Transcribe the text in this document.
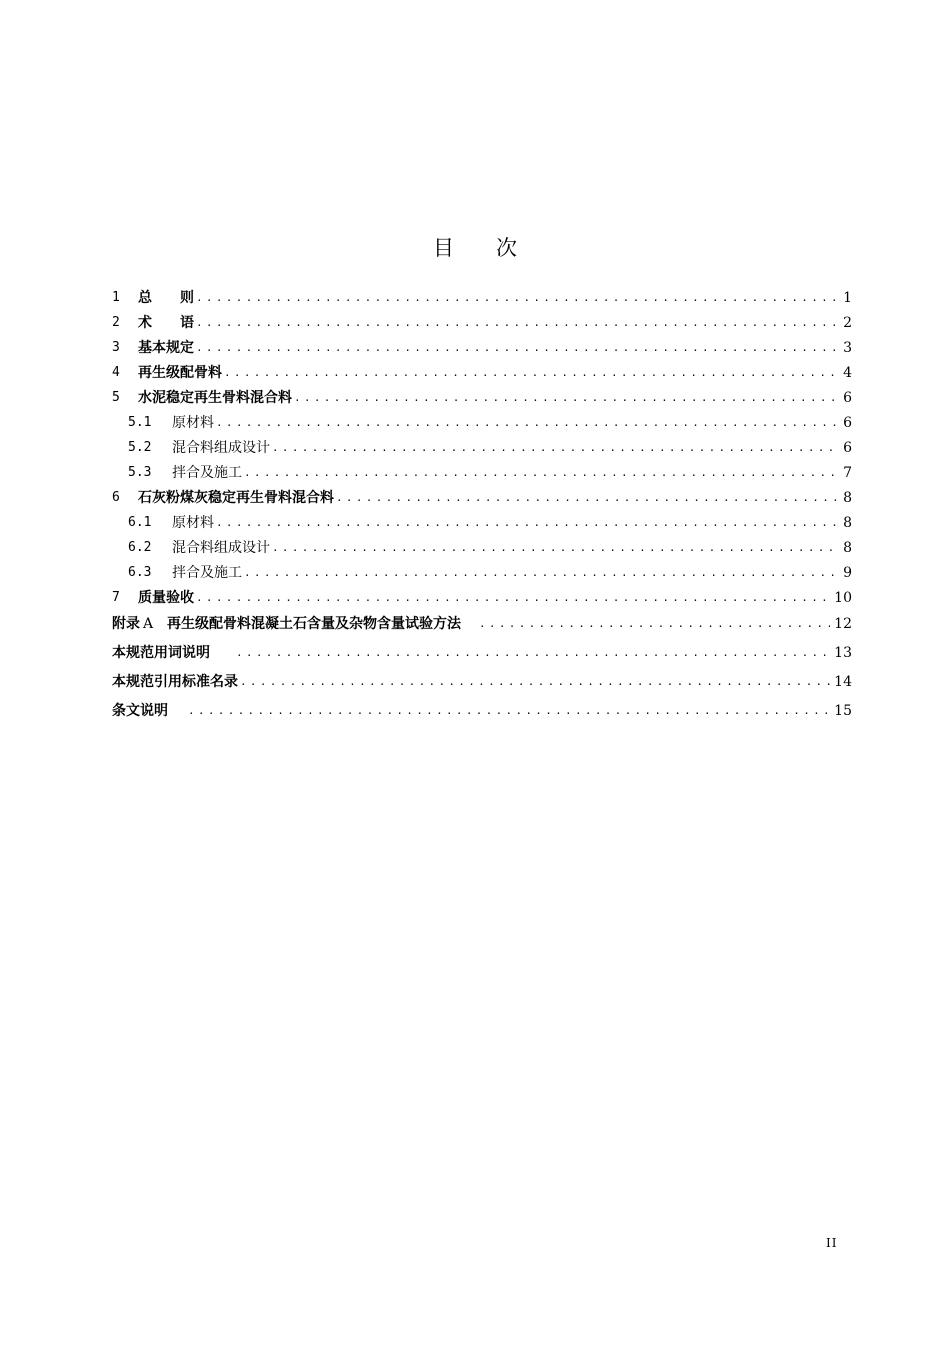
目 次
1	总 则 .....	1
2	术 语 .....	2
3	基本规定 .....	3
4	再生级配骨料 .....	4
5	水泥稳定再生骨料混合料 .....	6
5.1	原材料 .....	6
5.2	混合料组成设计 .....	6
5.3	拌合及施工 .....	7
6	石灰粉煤灰稳定再生骨料混合料 .....	8
6.1	原材料 .....	8
6.2	混合料组成设计 .....	8
6.3	拌合及施工 .....	9
7	质量验收 .....	10
附录 A 再生级配骨料混凝土石含量及杂物含量试验方法 .....	12
本规范用词说明 .....	13
本规范引用标准名录 .....	14
条文说明 .....	15
II
